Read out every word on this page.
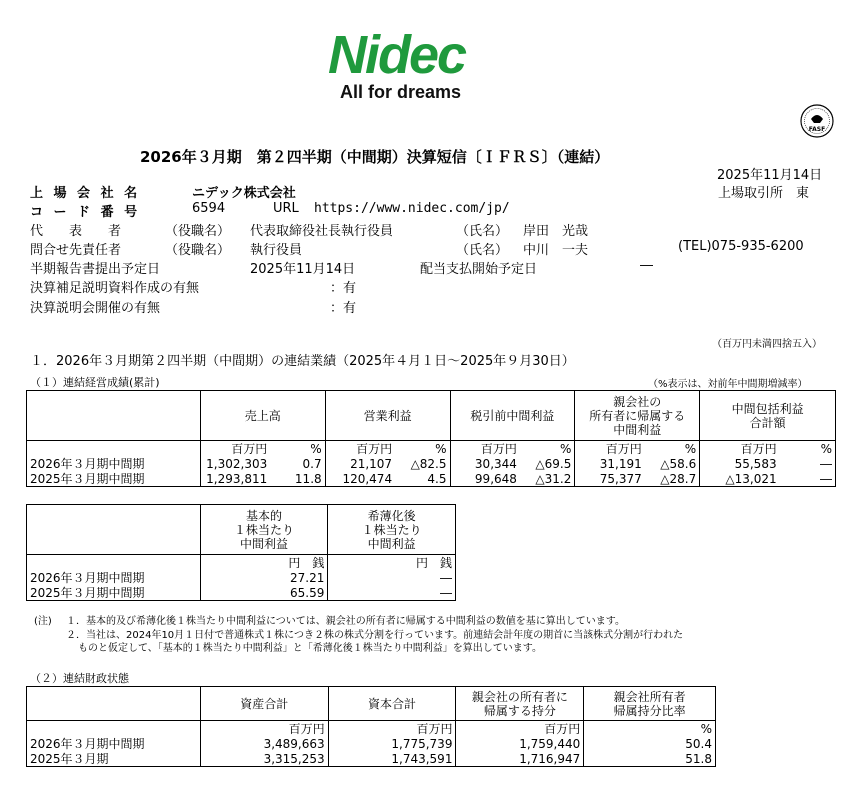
Nidec
All for dreams
FASF
2026年３月期　第２四半期（中間期）決算短信〔ＩＦＲＳ〕（連結）
2025年11月14日
上 場 会 社 名	ニデック株式会社	上場取引所　東
コ ー ド 番 号	6594	URL https://www.nidec.com/jp/
代　　表　　者	（役職名） 代表取締役社長執行役員	（氏名） 岸田　光哉
問合せ先責任者	（役職名） 執行役員	（氏名） 中川　一夫	(TEL)075-935-6200
半期報告書提出予定日	2025年11月14日	配当支払開始予定日	―
決算補足説明資料作成の有無	：有
決算説明会開催の有無	：有
（百万円未満四捨五入）
１．2026年３月期第２四半期（中間期）の連結業績（2025年４月１日～2025年９月30日）
（１）連結経営成績(累計)	（%表示は、対前年中間期増減率）
	売上高		営業利益		税引前中間利益		親会社の
所有者に帰属する
中間利益		中間包括利益
合計額	
	百万円	%	百万円	%	百万円	%	百万円	%	百万円	%
2026年３月期中間期	1,302,303	0.7	21,107	△82.5	30,344	△69.5	31,191	△58.6	55,583	―
2025年３月期中間期	1,293,811	11.8	120,474	4.5	99,648	△31.2	75,377	△28.7	△13,021	―
	基本的
１株当たり
中間利益	希薄化後
１株当たり
中間利益
	円　銭	円　銭
2026年３月期中間期	27.21	―
2025年３月期中間期	65.59	―
(注) １．基本的及び希薄化後１株当たり中間利益については、親会社の所有者に帰属する中間利益の数値を基に算出しています。
２．当社は、2024年10月１日付で普通株式１株につき２株の株式分割を行っています。前連結会計年度の期首に当該株式分割が行われた
ものと仮定して、「基本的１株当たり中間利益」と「希薄化後１株当たり中間利益」を算出しています。
（２）連結財政状態
	資産合計	資本合計	親会社の所有者に
帰属する持分	親会社所有者
帰属持分比率
	百万円	百万円	百万円	%
2026年３月期中間期	3,489,663	1,775,739	1,759,440	50.4
2025年３月期	3,315,253	1,743,591	1,716,947	51.8
